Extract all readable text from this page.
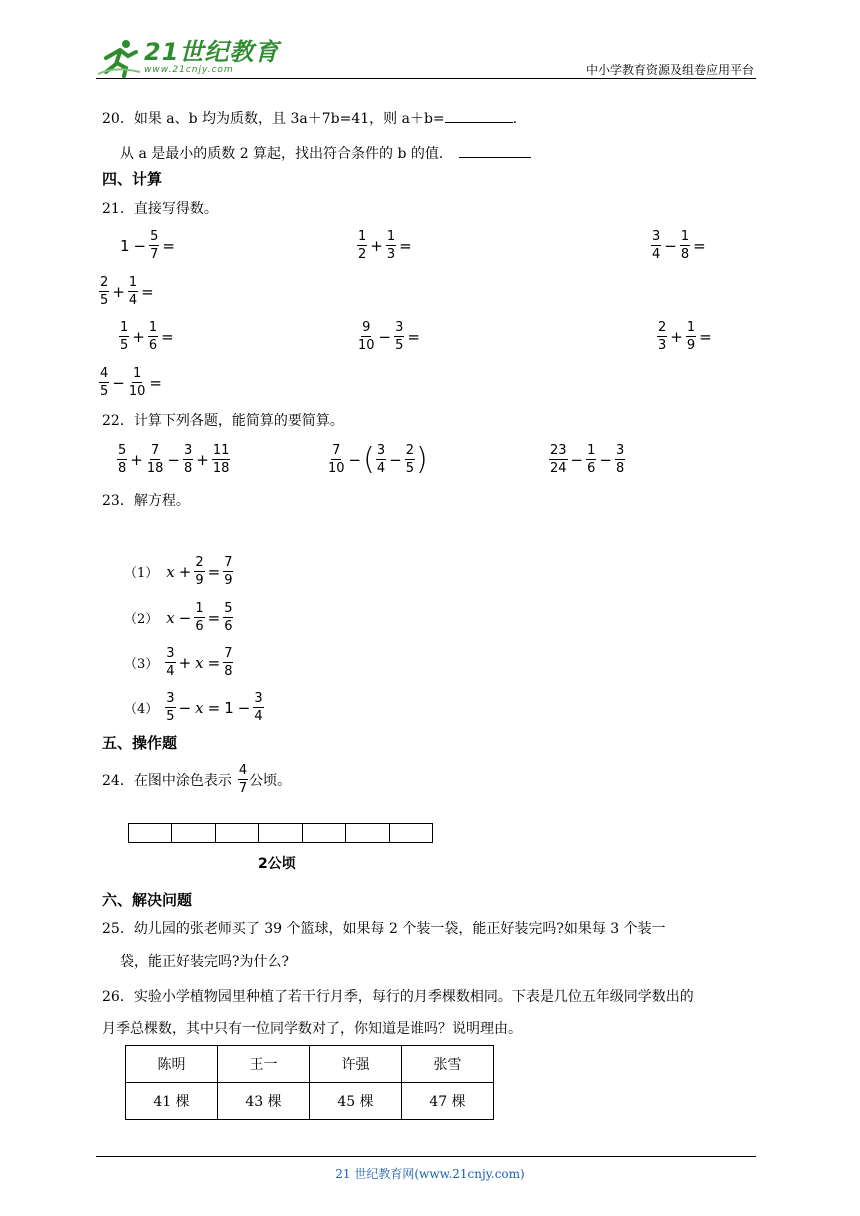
21世纪教育
www.21cnjy.com	中小学教育资源及组卷应用平台
20．如果 a、b 均为质数，且 3a＋7b=41，则 a＋b=	.
从 a 是最小的质数 2 算起，找出符合条件的 b 的值．
四、计算
21．直接写得数。
$1 - \frac{5}{7}$ =	$\frac{1}{2} + \frac{1}{3}$ =	$\frac{3}{4} - \frac{1}{8}$ =
$\frac{2}{5} + \frac{1}{4}$ =
$\frac{1}{5} + \frac{1}{6}$ =	$\frac{9}{10} - \frac{3}{5}$ =	$\frac{2}{3} + \frac{1}{9}$ =
$\frac{4}{5} - \frac{1}{10}$ =
22．计算下列各题，能简算的要简算。
$\frac{5}{8} + \frac{7}{18} - \frac{3}{8} + \frac{11}{18}$	$\frac{7}{10}$ − ( $\frac{3}{4} - \frac{2}{5}$ )	$\frac{23}{24} - \frac{1}{6} - \frac{3}{8}$
23．解方程。
（1） $x + \frac{2}{9} = \frac{7}{9}$
（2） $x - \frac{1}{6} = \frac{5}{6}$
$(3) \frac{3}{4} + x = \frac{7}{8}$
$(4) \frac{3}{5} - x = 1 - \frac{3}{4}$
五、操作题
24．在图中涂色表示 $\frac{4}{7}$ 公顷。
2公顷
六、解决问题
25．幼儿园的张老师买了 39 个篮球，如果每 2 个装一袋，能正好装完吗?如果每 3 个装一
袋，能正好装完吗?为什么?
26．实验小学植物园里种植了若干行月季，每行的月季棵数相同。下表是几位五年级同学数出的
月季总棵数，其中只有一位同学数对了，你知道是谁吗？说明理由。
陈明	王一	许强	张雪
41 棵	43 棵	45 棵	47 棵
21 世纪教育网(www.21cnjy.com)
